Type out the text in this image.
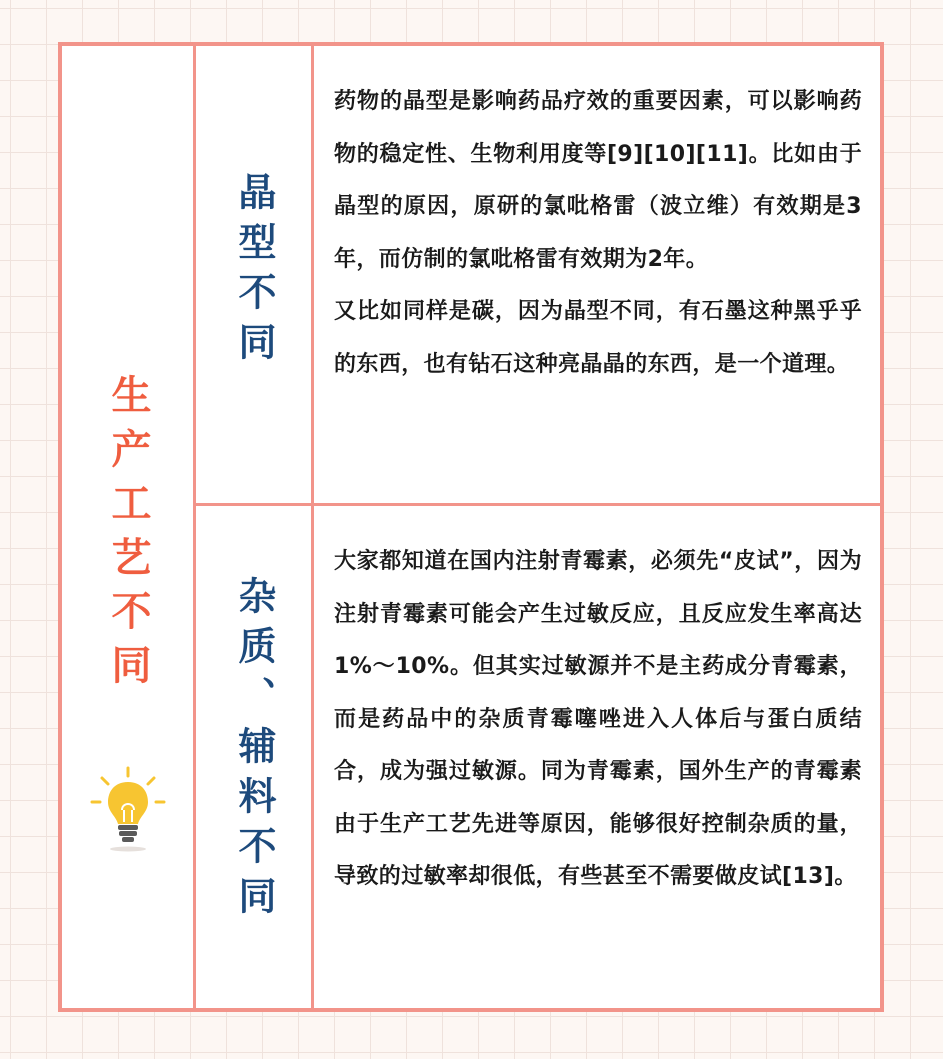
生产工艺不同
晶型不同
杂质、辅料不同

药物的晶型是影响药品疗效的重要因素，可以影响药物的稳定性、生物利用度等[9][10][11]。比如由于晶型的原因，原研的氯吡格雷（波立维）有效期是3年，而仿制的氯吡格雷有效期为2年。

又比如同样是碳，因为晶型不同，有石墨这种黑乎乎的东西，也有钻石这种亮晶晶的东西，是一个道理。

大家都知道在国内注射青霉素，必须先“皮试”，因为注射青霉素可能会产生过敏反应，且反应发生率高达1%～10%。但其实过敏源并不是主药成分青霉素，而是药品中的杂质青霉噻唑进入人体后与蛋白质结合，成为强过敏源。同为青霉素，国外生产的青霉素由于生产工艺先进等原因，能够很好控制杂质的量，导致的过敏率却很低，有些甚至不需要做皮试[13]。
